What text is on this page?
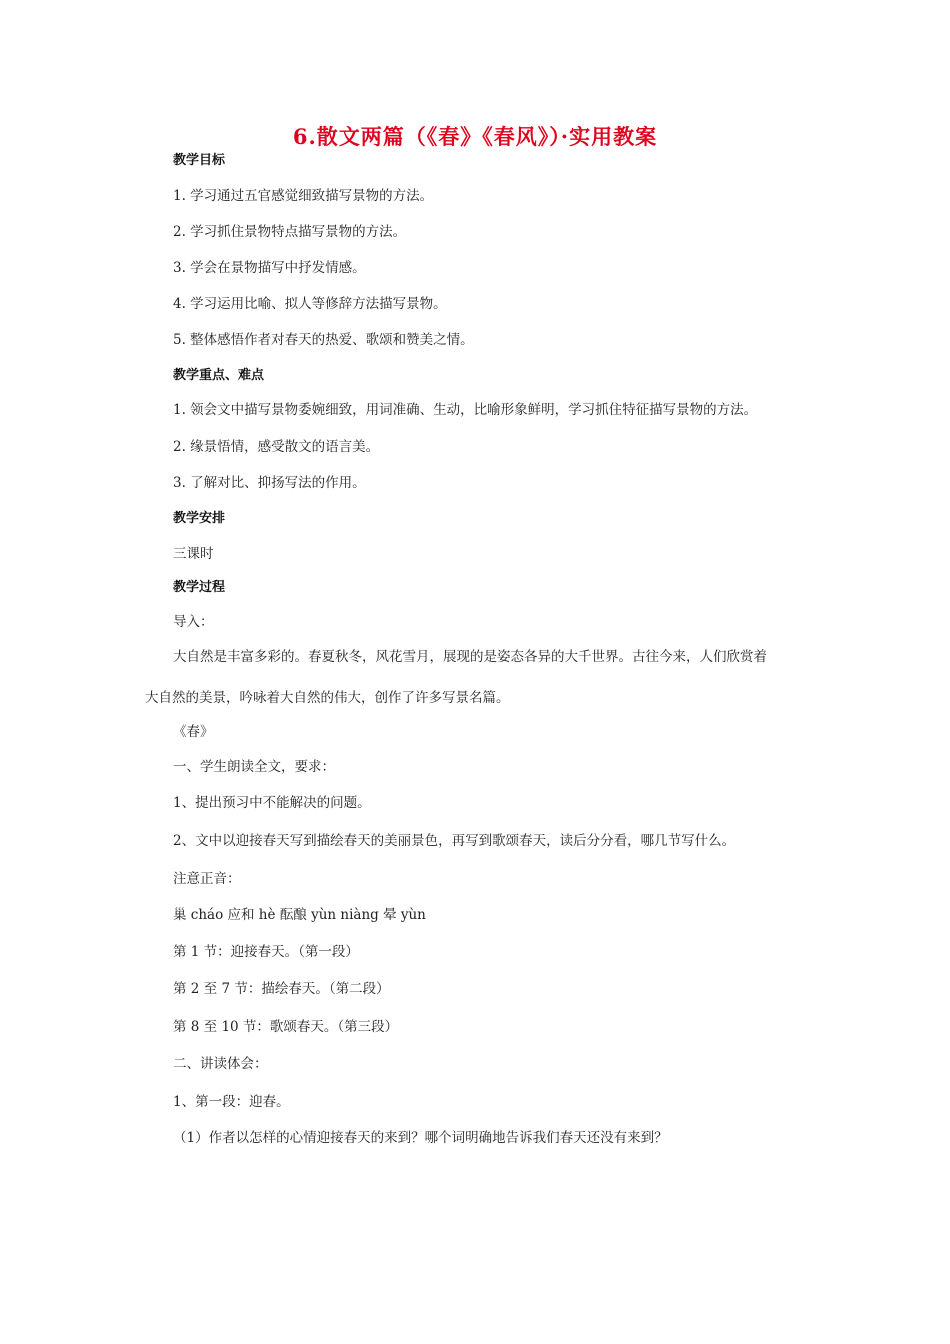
6.散文两篇（《春》《春风》）·实用教案
教学目标
1. 学习通过五官感觉细致描写景物的方法。
2. 学习抓住景物特点描写景物的方法。
3. 学会在景物描写中抒发情感。
4. 学习运用比喻、拟人等修辞方法描写景物。
5. 整体感悟作者对春天的热爱、歌颂和赞美之情。
教学重点、难点
1. 领会文中描写景物委婉细致，用词准确、生动，比喻形象鲜明，学习抓住特征描写景物的方法。
2. 缘景悟情，感受散文的语言美。
3. 了解对比、抑扬写法的作用。
教学安排
三课时
教学过程
导入：
大自然是丰富多彩的。春夏秋冬，风花雪月，展现的是姿态各异的大千世界。古往今来，人们欣赏着
大自然的美景，吟咏着大自然的伟大，创作了许多写景名篇。
《春》
一、学生朗读全文，要求：
1、提出预习中不能解决的问题。
2、文中以迎接春天写到描绘春天的美丽景色，再写到歌颂春天，读后分分看，哪几节写什么。
注意正音：
巢 cháo 应和 hè 酝酿 yùn niàng 晕 yùn
第 1 节：迎接春天。（第一段）
第 2 至 7 节：描绘春天。（第二段）
第 8 至 10 节：歌颂春天。（第三段）
二、讲读体会：
1、第一段：迎春。
（1）作者以怎样的心情迎接春天的来到？哪个词明确地告诉我们春天还没有来到？
